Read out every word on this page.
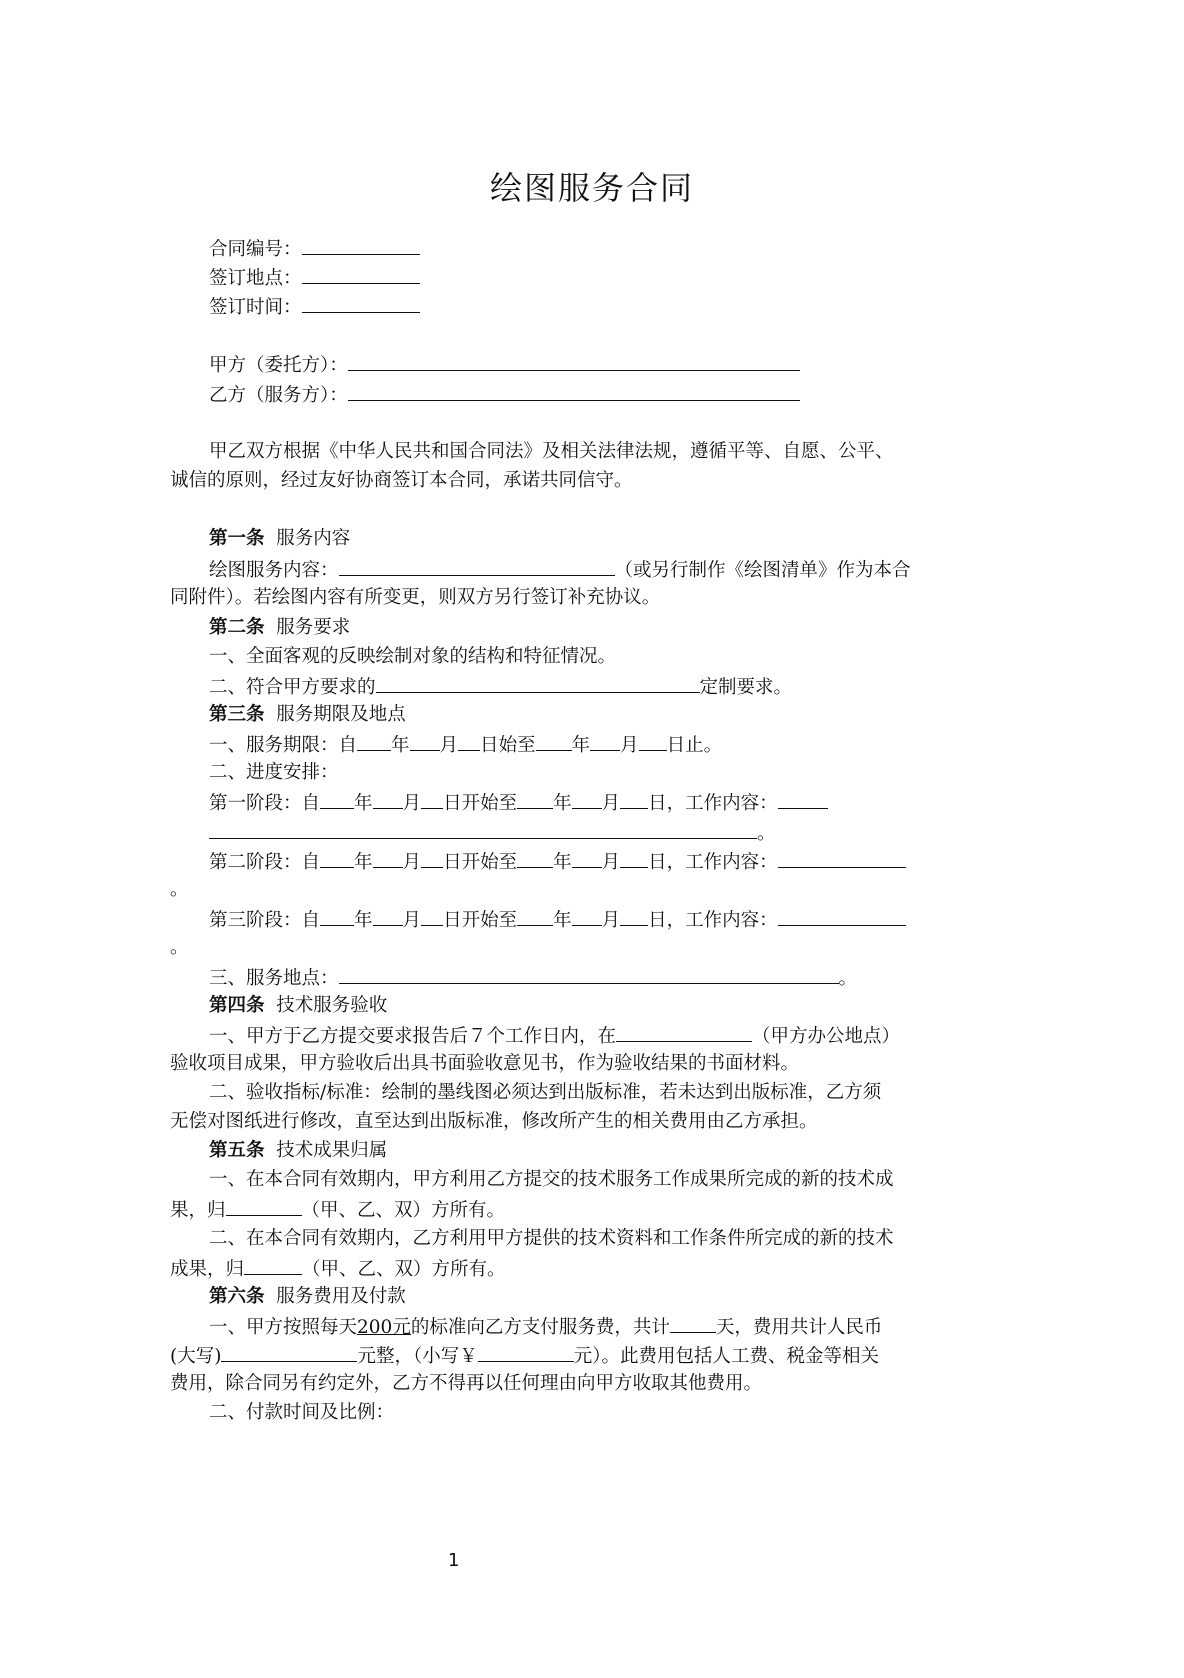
绘图服务合同
合同编号：
签订地点：
签订时间：
甲方（委托方）：
乙方（服务方）：
甲乙双方根据《中华人民共和国合同法》及相关法律法规，遵循平等、自愿、公平、
诚信的原则，经过友好协商签订本合同，承诺共同信守。
第一条 服务内容
绘图服务内容：	（或另行制作《绘图清单》作为本合
同附件）。若绘图内容有所变更，则双方另行签订补充协议。
第二条 服务要求
一、全面客观的反映绘制对象的结构和特征情况。
二、符合甲方要求的	定制要求。
第三条 服务期限及地点
一、服务期限：自 年 月 日始至 年 月 日止。
二、进度安排：
第一阶段：自 年 月 日开始至 年 月 日，工作内容：
。
第二阶段：自 年 月 日开始至 年 月 日，工作内容：
。
第三阶段：自 年 月 日开始至 年 月 日，工作内容：
。
三、服务地点：	。
第四条 技术服务验收
一、甲方于乙方提交要求报告后７个工作日内，在	（甲方办公地点）
验收项目成果，甲方验收后出具书面验收意见书，作为验收结果的书面材料。
二、验收指标/标准：绘制的墨线图必须达到出版标准，若未达到出版标准，乙方须
无偿对图纸进行修改，直至达到出版标准，修改所产生的相关费用由乙方承担。
第五条 技术成果归属
一、在本合同有效期内，甲方利用乙方提交的技术服务工作成果所完成的新的技术成
果，归	（甲、乙、双）方所有。
二、在本合同有效期内，乙方利用甲方提供的技术资料和工作条件所完成的新的技术
成果，归	（甲、乙、双）方所有。
第六条 服务费用及付款
一、甲方按照每天200元的标准向乙方支付服务费，共计 天，费用共计人民币
(大写)	元整，（小写￥	元）。此费用包括人工费、税金等相关
费用，除合同另有约定外，乙方不得再以任何理由向甲方收取其他费用。
二、付款时间及比例：
1
